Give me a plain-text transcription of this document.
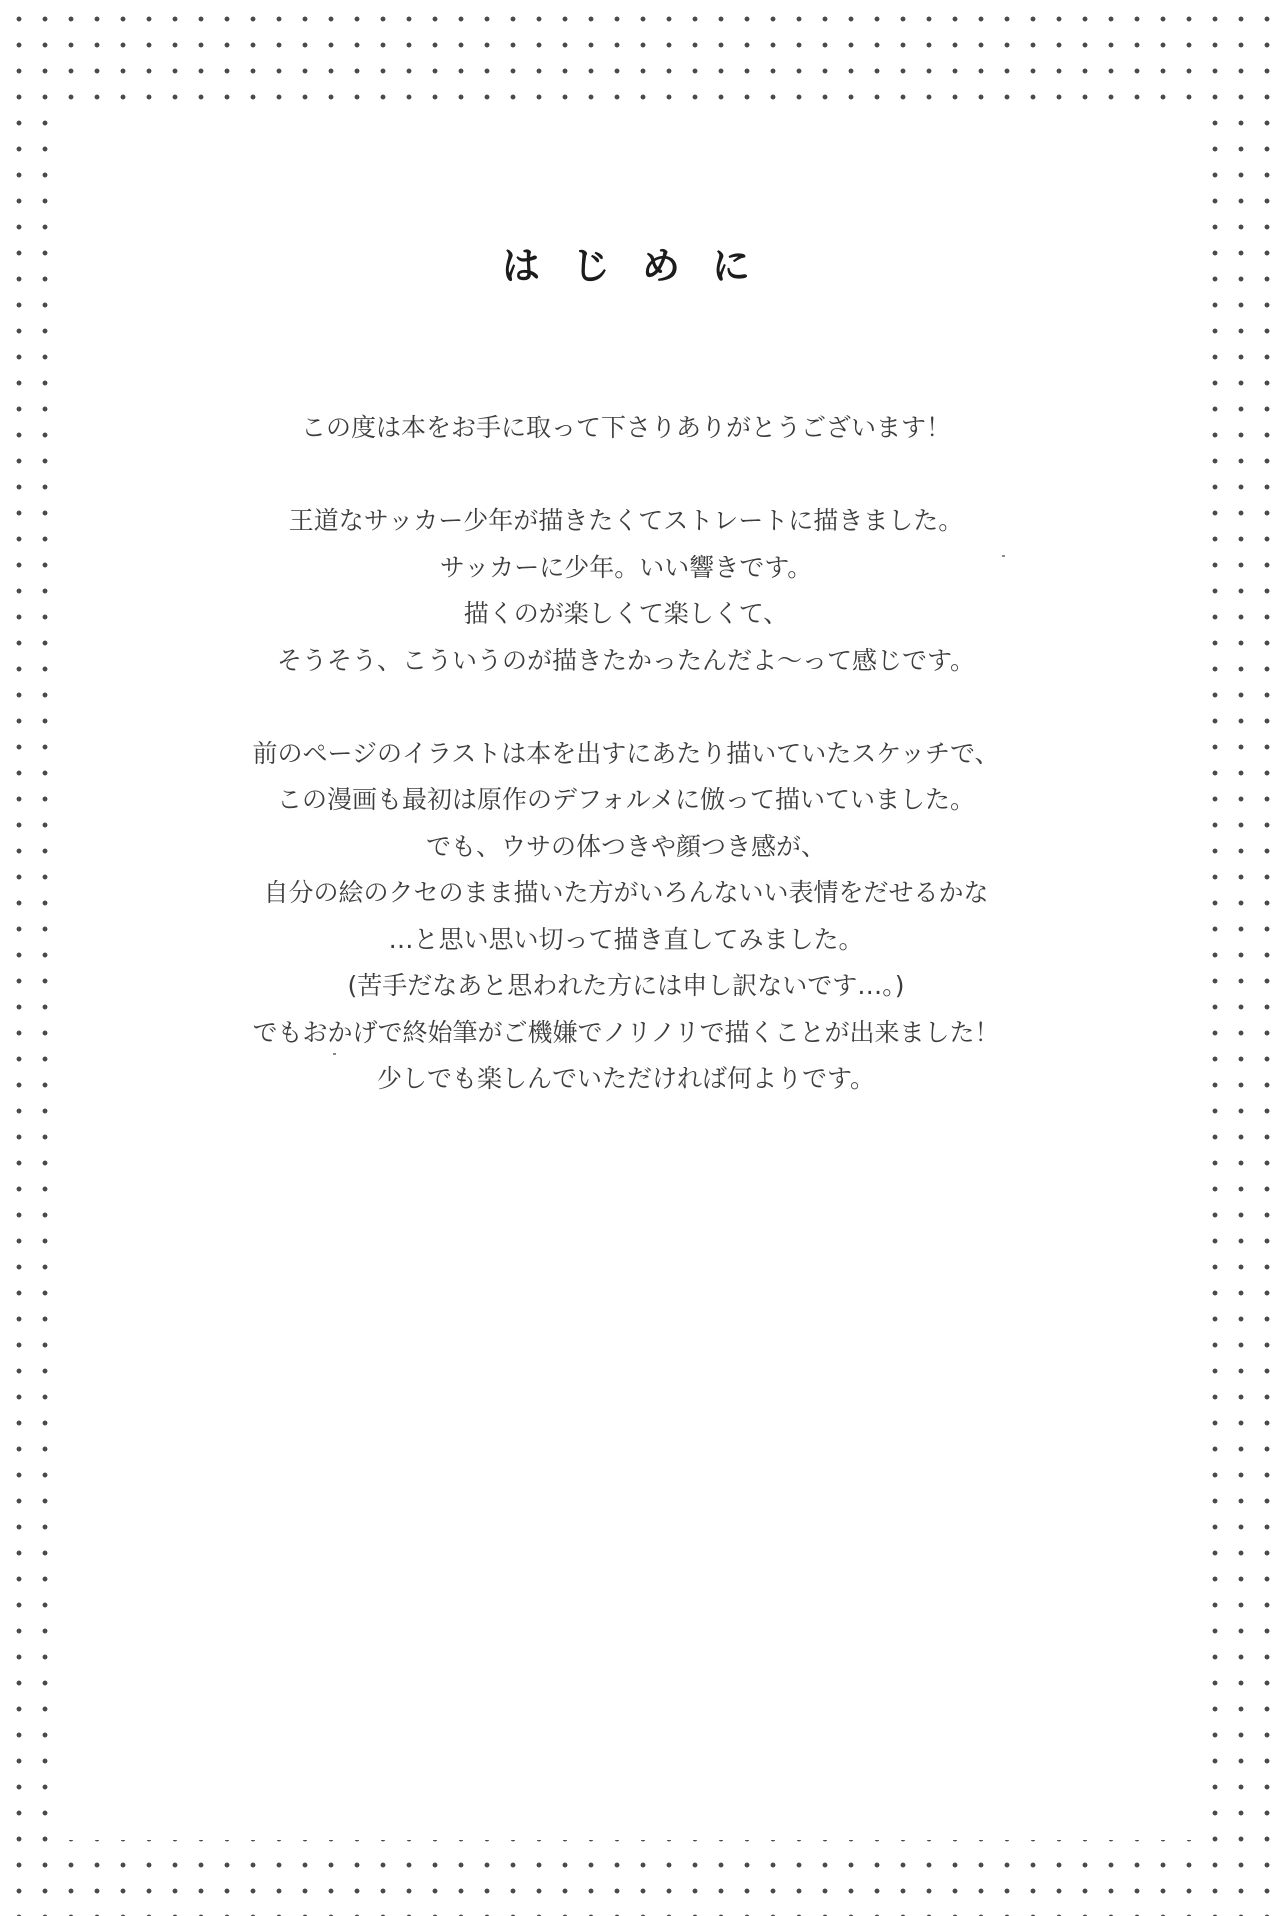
はじめに

この度は本をお手に取って下さりありがとうございます！

王道なサッカー少年が描きたくてストレートに描きました。
サッカーに少年。いい響きです。
描くのが楽しくて楽しくて、
そうそう、こういうのが描きたかったんだよ～って感じです。

前のページのイラストは本を出すにあたり描いていたスケッチで、
この漫画も最初は原作のデフォルメに倣って描いていました。
でも、ウサの体つきや顔つき感が、
自分の絵のクセのまま描いた方がいろんないい表情をだせるかな
…と思い思い切って描き直してみました。
(苦手だなあと思われた方には申し訳ないです…。)
でもおかげで終始筆がご機嫌でノリノリで描くことが出来ました！
少しでも楽しんでいただければ何よりです。
